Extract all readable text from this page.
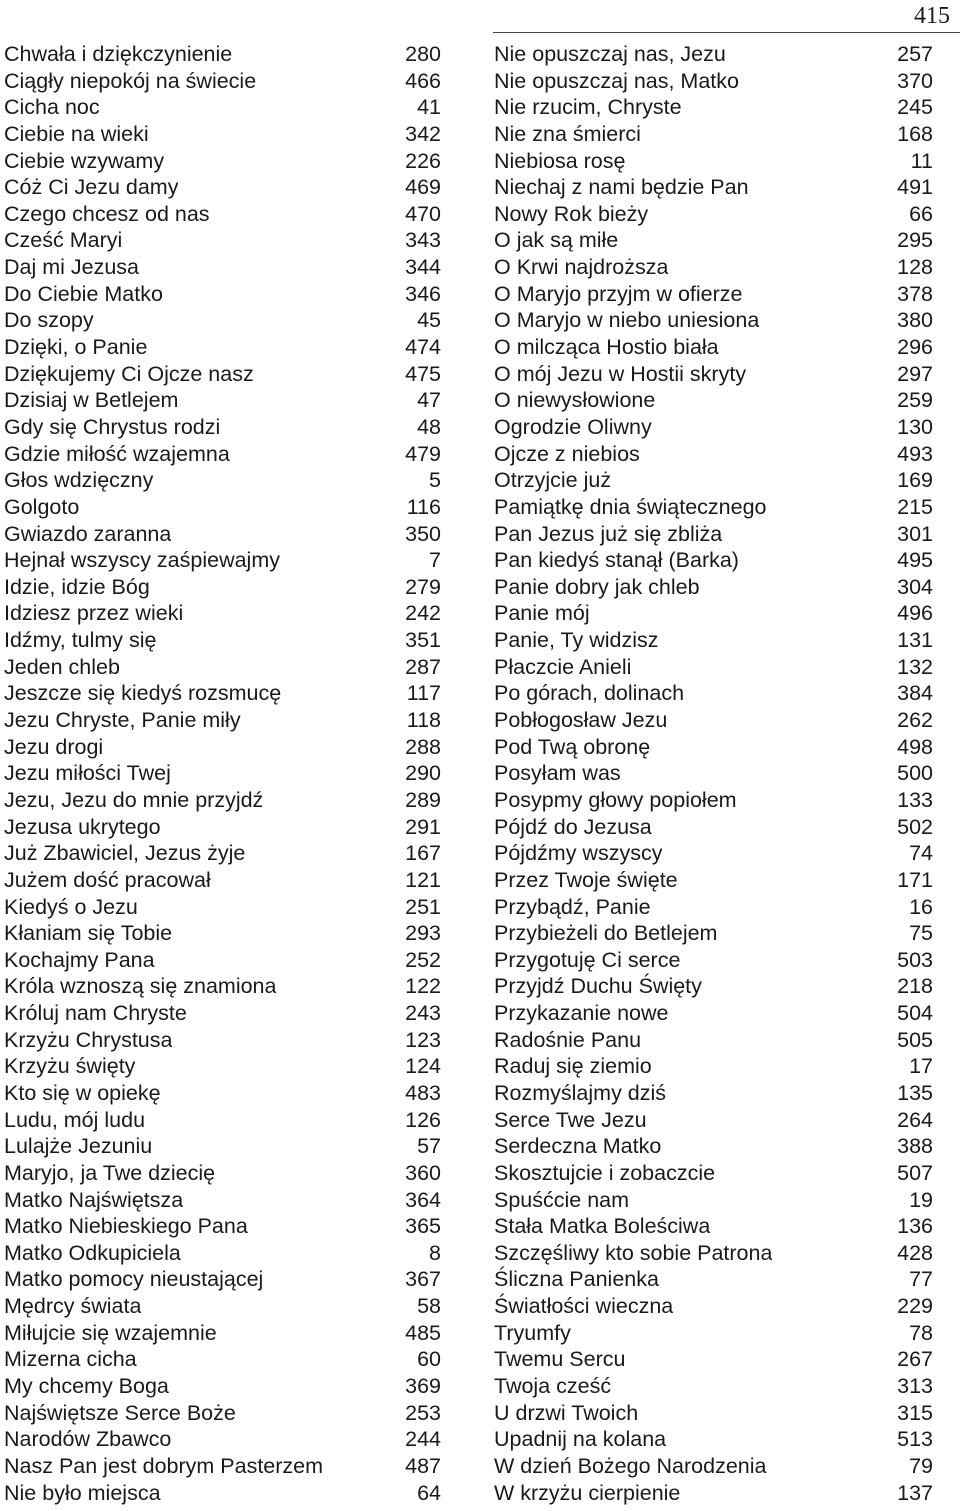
415
Chwała i dziękczynienie	280
Ciągły niepokój na świecie	466
Cicha noc	41
Ciebie na wieki	342
Ciebie wzywamy	226
Cóż Ci Jezu damy	469
Czego chcesz od nas	470
Cześć Maryi	343
Daj mi Jezusa	344
Do Ciebie Matko	346
Do szopy	45
Dzięki, o Panie	474
Dziękujemy Ci Ojcze nasz	475
Dzisiaj w Betlejem	47
Gdy się Chrystus rodzi	48
Gdzie miłość wzajemna	479
Głos wdzięczny	5
Golgoto	116
Gwiazdo zaranna	350
Hejnał wszyscy zaśpiewajmy	7
Idzie, idzie Bóg	279
Idziesz przez wieki	242
Idźmy, tulmy się	351
Jeden chleb	287
Jeszcze się kiedyś rozsmucę	117
Jezu Chryste, Panie miły	118
Jezu drogi	288
Jezu miłości Twej	290
Jezu, Jezu do mnie przyjdź	289
Jezusa ukrytego	291
Już Zbawiciel, Jezus żyje	167
Jużem dość pracował	121
Kiedyś o Jezu	251
Kłaniam się Tobie	293
Kochajmy Pana	252
Króla wznoszą się znamiona	122
Króluj nam Chryste	243
Krzyżu Chrystusa	123
Krzyżu święty	124
Kto się w opiekę	483
Ludu, mój ludu	126
Lulajże Jezuniu	57
Maryjo, ja Twe dziecię	360
Matko Najświętsza	364
Matko Niebieskiego Pana	365
Matko Odkupiciela	8
Matko pomocy nieustającej	367
Mędrcy świata	58
Miłujcie się wzajemnie	485
Mizerna cicha	60
My chcemy Boga	369
Najświętsze Serce Boże	253
Narodów Zbawco	244
Nasz Pan jest dobrym Pasterzem	487
Nie było miejsca	64
Nie opuszczaj nas, Jezu	257
Nie opuszczaj nas, Matko	370
Nie rzucim, Chryste	245
Nie zna śmierci	168
Niebiosa rosę	11
Niechaj z nami będzie Pan	491
Nowy Rok bieży	66
O jak są miłe	295
O Krwi najdroższa	128
O Maryjo przyjm w ofierze	378
O Maryjo w niebo uniesiona	380
O milcząca Hostio biała	296
O mój Jezu w Hostii skryty	297
O niewysłowione	259
Ogrodzie Oliwny	130
Ojcze z niebios	493
Otrzyjcie już	169
Pamiątkę dnia świątecznego	215
Pan Jezus już się zbliża	301
Pan kiedyś stanął (Barka)	495
Panie dobry jak chleb	304
Panie mój	496
Panie, Ty widzisz	131
Płaczcie Anieli	132
Po górach, dolinach	384
Pobłogosław Jezu	262
Pod Twą obronę	498
Posyłam was	500
Posypmy głowy popiołem	133
Pójdź do Jezusa	502
Pójdźmy wszyscy	74
Przez Twoje święte	171
Przybądź, Panie	16
Przybieżeli do Betlejem	75
Przygotuję Ci serce	503
Przyjdź Duchu Święty	218
Przykazanie nowe	504
Radośnie Panu	505
Raduj się ziemio	17
Rozmyślajmy dziś	135
Serce Twe Jezu	264
Serdeczna Matko	388
Skosztujcie i zobaczcie	507
Spuśćcie nam	19
Stała Matka Boleściwa	136
Szczęśliwy kto sobie Patrona	428
Śliczna Panienka	77
Światłości wieczna	229
Tryumfy	78
Twemu Sercu	267
Twoja cześć	313
U drzwi Twoich	315
Upadnij na kolana	513
W dzień Bożego Narodzenia	79
W krzyżu cierpienie	137
